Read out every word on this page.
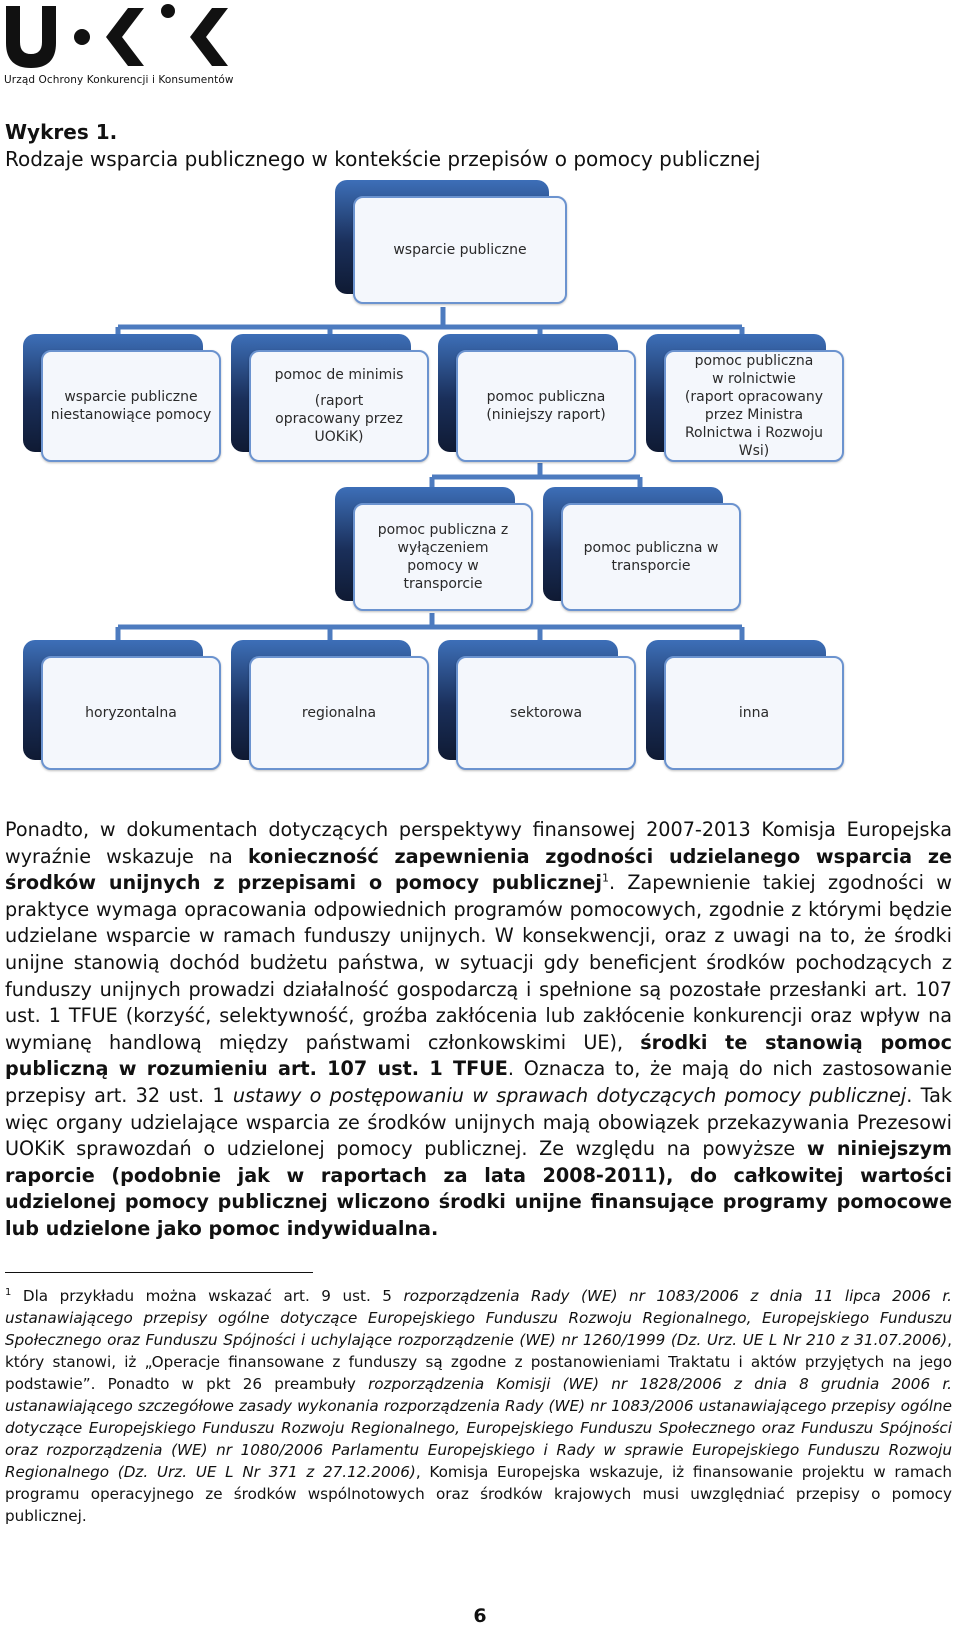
Urząd Ochrony Konkurencji i Konsumentów
Wykres 1.
Rodzaje wsparcia publicznego w kontekście przepisów o pomocy publicznej
wsparcie publiczne
wsparcie publiczne
niestanowiące pomocy
pomoc de minimis
(raport opracowany przez UOKiK)
pomoc publiczna
(niniejszy raport)
pomoc publiczna
w rolnictwie
(raport opracowany przez Ministra Rolnictwa i Rozwoju Wsi)
pomoc publiczna z wyłączeniem pomocy w transporcie
pomoc publiczna w transporcie
horyzontalna	regionalna	sektorowa	inna
Ponadto, w dokumentach dotyczących perspektywy finansowej 2007-2013 Komisja Europejska wyraźnie wskazuje na konieczność zapewnienia zgodności udzielanego wsparcia ze środków unijnych z przepisami o pomocy publicznej$^1$. Zapewnienie takiej zgodności w praktyce wymaga opracowania odpowiednich programów pomocowych, zgodnie z którymi będzie udzielane wsparcie w ramach funduszy unijnych. W konsekwencji, oraz z uwagi na to, że środki unijne stanowią dochód budżetu państwa, w sytuacji gdy beneficjent środków pochodzących z funduszy unijnych prowadzi działalność gospodarczą i spełnione są pozostałe przesłanki art. 107 ust. 1 TFUE (korzyść, selektywność, groźba zakłócenia lub zakłócenie konkurencji oraz wpływ na wymianę handlową między państwami członkowskimi UE), środki te stanowią pomoc publiczną w rozumieniu art. 107 ust. 1 TFUE. Oznacza to, że mają do nich zastosowanie przepisy art. 32 ust. 1 ustawy o postępowaniu w sprawach dotyczących pomocy publicznej. Tak więc organy udzielające wsparcia ze środków unijnych mają obowiązek przekazywania Prezesowi UOKiK sprawozdań o udzielonej pomocy publicznej. Ze względu na powyższe w niniejszym raporcie (podobnie jak w raportach za lata 2008-2011), do całkowitej wartości udzielonej pomocy publicznej wliczono środki unijne finansujące programy pomocowe lub udzielone jako pomoc indywidualna.
$^1$ Dla przykładu można wskazać art. 9 ust. 5 rozporządzenia Rady (WE) nr 1083/2006 z dnia 11 lipca 2006 r. ustanawiającego przepisy ogólne dotyczące Europejskiego Funduszu Rozwoju Regionalnego, Europejskiego Funduszu Społecznego oraz Funduszu Spójności i uchylające rozporządzenie (WE) nr 1260/1999 (Dz. Urz. UE L Nr 210 z 31.07.2006), który stanowi, iż „Operacje finansowane z funduszy są zgodne z postanowieniami Traktatu i aktów przyjętych na jego podstawie”. Ponadto w pkt 26 preambuły rozporządzenia Komisji (WE) nr 1828/2006 z dnia 8 grudnia 2006 r. ustanawiającego szczegółowe zasady wykonania rozporządzenia Rady (WE) nr 1083/2006 ustanawiającego przepisy ogólne dotyczące Europejskiego Funduszu Rozwoju Regionalnego, Europejskiego Funduszu Społecznego oraz Funduszu Spójności oraz rozporządzenia (WE) nr 1080/2006 Parlamentu Europejskiego i Rady w sprawie Europejskiego Funduszu Rozwoju Regionalnego (Dz. Urz. UE L Nr 371 z 27.12.2006), Komisja Europejska wskazuje, iż finansowanie projektu w ramach programu operacyjnego ze środków wspólnotowych oraz środków krajowych musi uwzględniać przepisy o pomocy publicznej.
6
